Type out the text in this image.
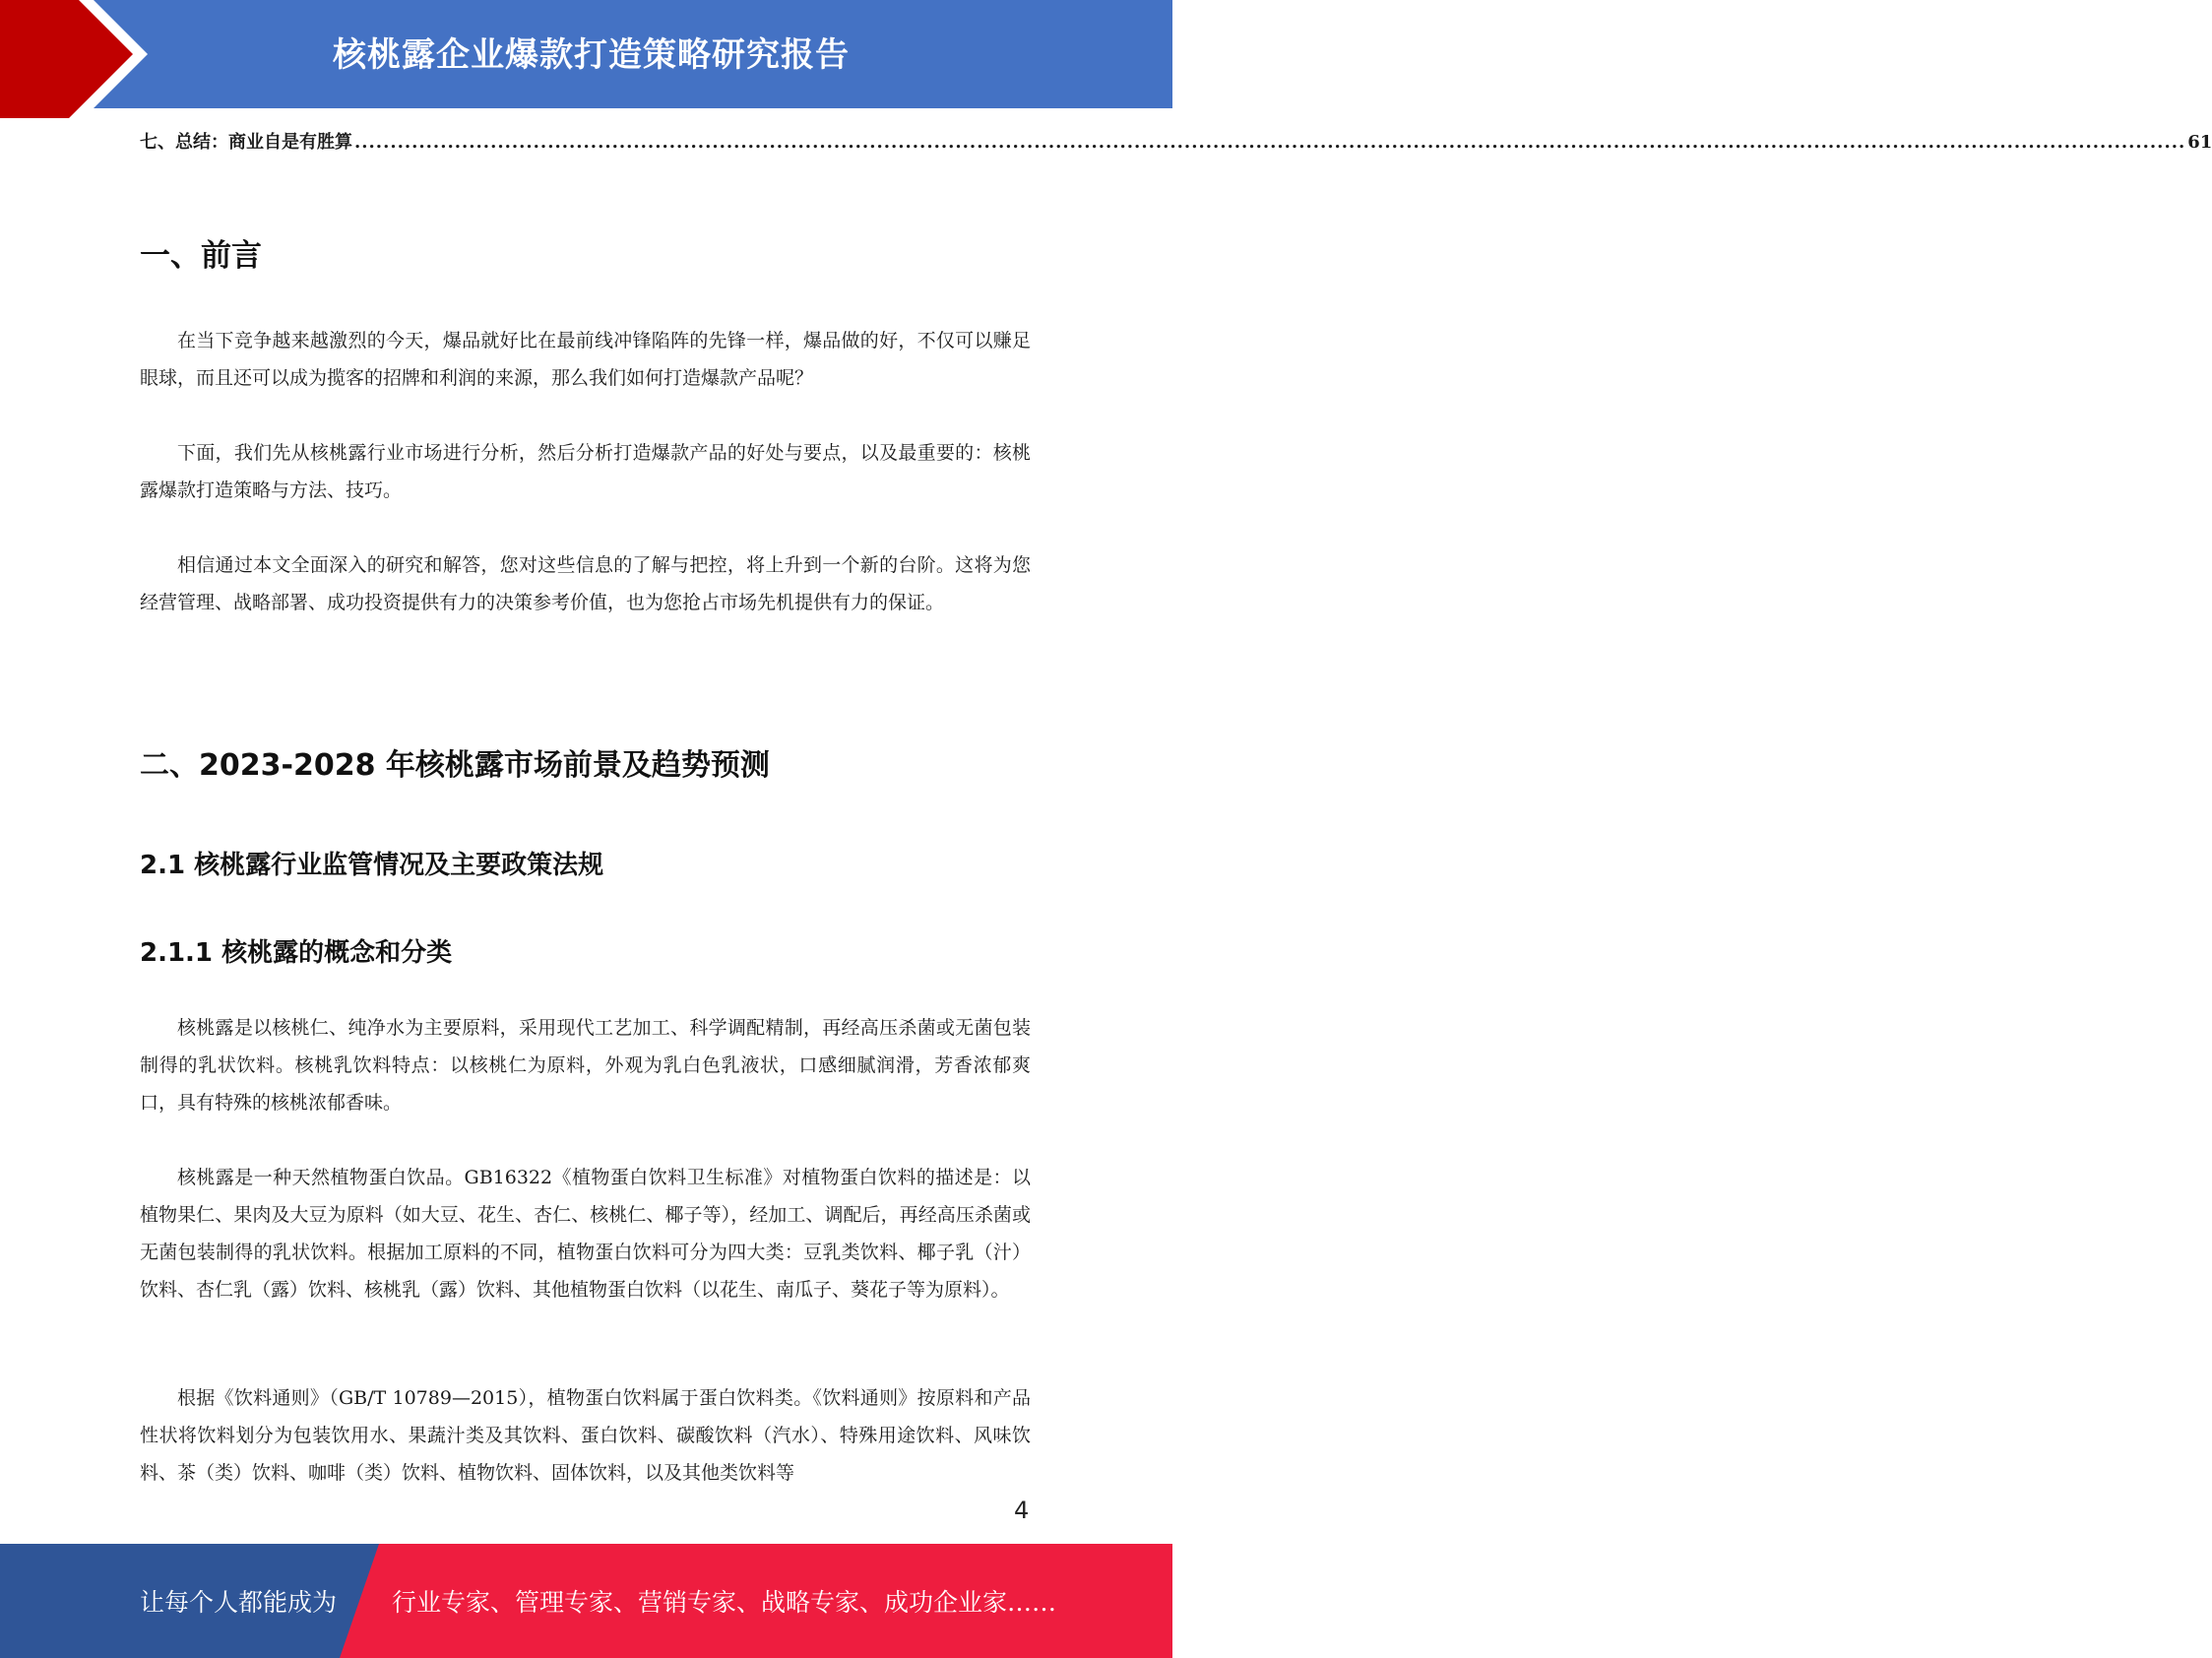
核桃露企业爆款打造策略研究报告
七、总结：商业自是有胜算 ................................................................................................................................................................................................................................................................ 61
一、前言

在当下竞争越来越激烈的今天，爆品就好比在最前线冲锋陷阵的先锋一样，爆品做的好，不仅可以赚足眼球，而且还可以成为揽客的招牌和利润的来源，那么我们如何打造爆款产品呢？

下面，我们先从核桃露行业市场进行分析，然后分析打造爆款产品的好处与要点，以及最重要的：核桃露爆款打造策略与方法、技巧。

相信通过本文全面深入的研究和解答，您对这些信息的了解与把控，将上升到一个新的台阶。这将为您经营管理、战略部署、成功投资提供有力的决策参考价值，也为您抢占市场先机提供有力的保证。

二、2023-2028 年核桃露市场前景及趋势预测
2.1 核桃露行业监管情况及主要政策法规
2.1.1 核桃露的概念和分类

核桃露是以核桃仁、纯净水为主要原料，采用现代工艺加工、科学调配精制，再经高压杀菌或无菌包装制得的乳状饮料。核桃乳饮料特点：以核桃仁为原料，外观为乳白色乳液状，口感细腻润滑，芳香浓郁爽口，具有特殊的核桃浓郁香味。

核桃露是一种天然植物蛋白饮品。GB16322《植物蛋白饮料卫生标准》对植物蛋白饮料的描述是：以植物果仁、果肉及大豆为原料（如大豆、花生、杏仁、核桃仁、椰子等），经加工、调配后，再经高压杀菌或无菌包装制得的乳状饮料。根据加工原料的不同，植物蛋白饮料可分为四大类：豆乳类饮料、椰子乳（汁）饮料、杏仁乳（露）饮料、核桃乳（露）饮料、其他植物蛋白饮料（以花生、南瓜子、葵花子等为原料）。

根据《饮料通则》（GB/T 10789—2015），植物蛋白饮料属于蛋白饮料类。《饮料通则》按原料和产品性状将饮料划分为包装饮用水、果蔬汁类及其饮料、蛋白饮料、碳酸饮料（汽水）、特殊用途饮料、风味饮料、茶（类）饮料、咖啡（类）饮料、植物饮料、固体饮料，以及其他类饮料等

4
让每个人都能成为 行业专家、管理专家、营销专家、战略专家、成功企业家……
